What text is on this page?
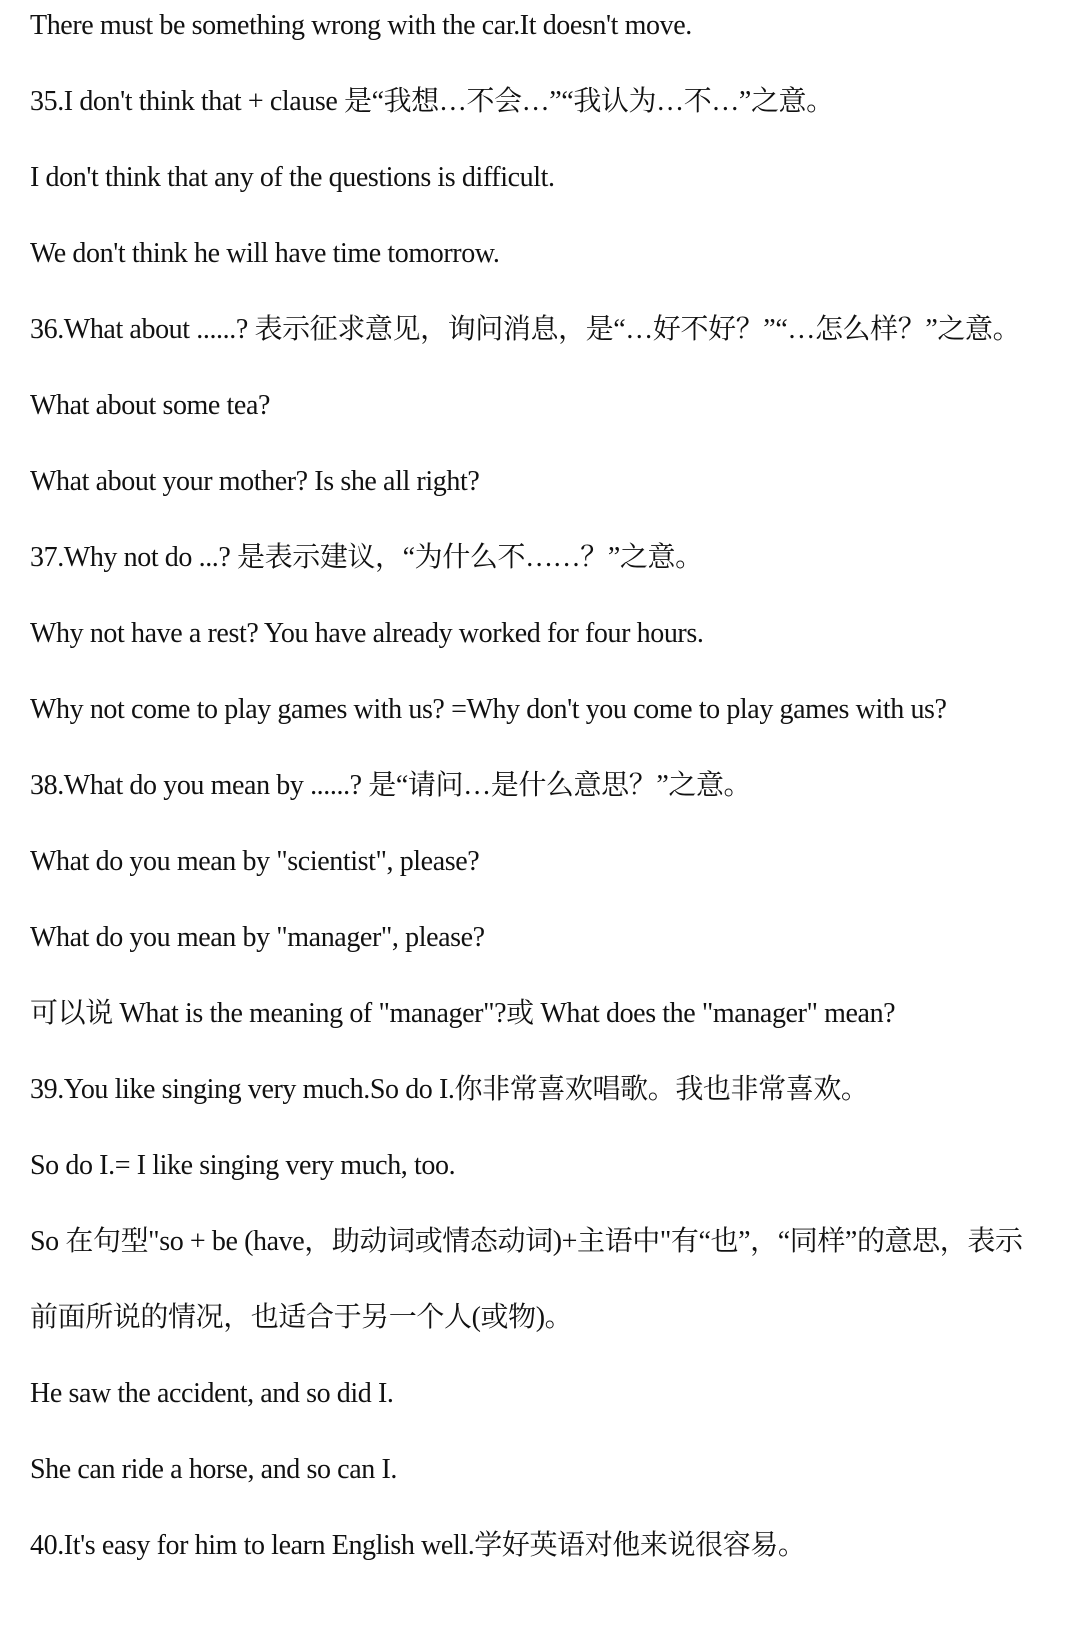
There must be something wrong with the car.It doesn't move.
35.I don't think that + clause 是“我想…不会…”“我认为…不…”之意。
I don't think that any of the questions is difficult.
We don't think he will have time tomorrow.
36.What about ......? 表示征求意见，询问消息，是“…好不好？”“…怎么样？”之意。
What about some tea?
What about your mother? Is she all right?
37.Why not do ...? 是表示建议，“为什么不……？”之意。
Why not have a rest? You have already worked for four hours.
Why not come to play games with us? =Why don't you come to play games with us?
38.What do you mean by ......? 是“请问…是什么意思？”之意。
What do you mean by "scientist", please?
What do you mean by "manager", please?
可以说 What is the meaning of "manager"?或 What does the "manager" mean?
39.You like singing very much.So do I.你非常喜欢唱歌。我也非常喜欢。
So do I.= I like singing very much, too.
So 在句型"so + be (have，助动词或情态动词)+主语中"有“也”，“同样”的意思，表示
前面所说的情况，也适合于另一个人(或物)。
He saw the accident, and so did I.
She can ride a horse, and so can I.
40.It's easy for him to learn English well.学好英语对他来说很容易。
